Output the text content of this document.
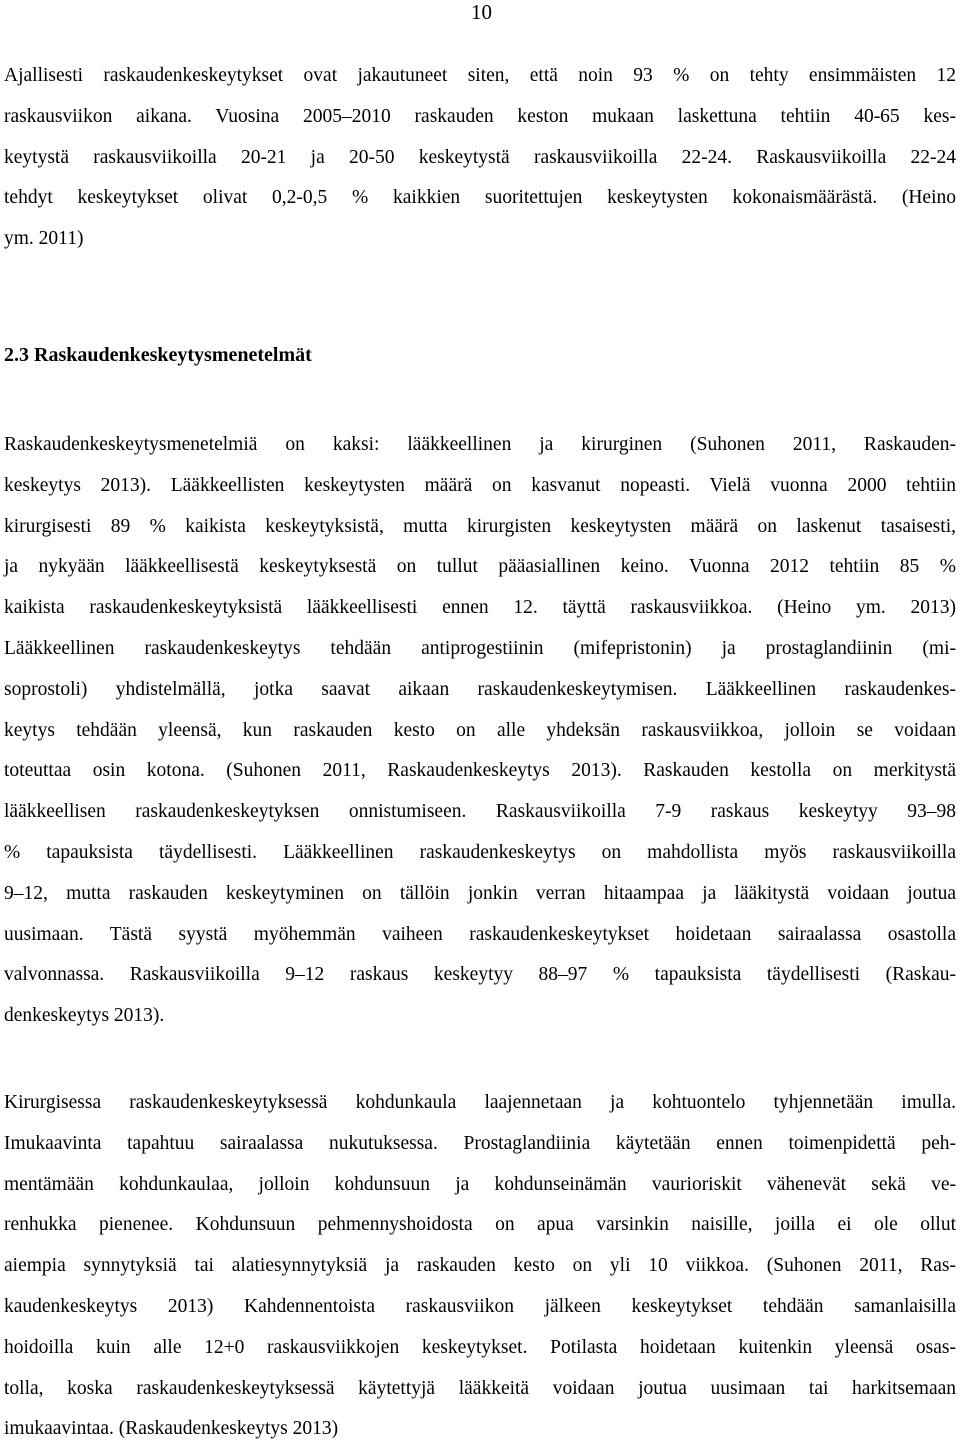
10
Ajallisesti raskaudenkeskeytykset ovat jakautuneet siten, että noin 93 % on tehty ensimmäisten 12
raskausviikon aikana. Vuosina 2005–2010 raskauden keston mukaan laskettuna tehtiin 40-65 kes-
keytystä raskausviikoilla 20-21 ja 20-50 keskeytystä raskausviikoilla 22-24. Raskausviikoilla 22-24
tehdyt keskeytykset olivat 0,2-0,5 % kaikkien suoritettujen keskeytysten kokonaismäärästä. (Heino
ym. 2011)
2.3 Raskaudenkeskeytysmenetelmät
Raskaudenkeskeytysmenetelmiä on kaksi: lääkkeellinen ja kirurginen (Suhonen 2011, Raskauden-
keskeytys 2013). Lääkkeellisten keskeytysten määrä on kasvanut nopeasti. Vielä vuonna 2000 tehtiin
kirurgisesti 89 % kaikista keskeytyksistä, mutta kirurgisten keskeytysten määrä on laskenut tasaisesti,
ja nykyään lääkkeellisestä keskeytyksestä on tullut pääasiallinen keino. Vuonna 2012 tehtiin 85 %
kaikista raskaudenkeskeytyksistä lääkkeellisesti ennen 12. täyttä raskausviikkoa. (Heino ym. 2013)
Lääkkeellinen raskaudenkeskeytys tehdään antiprogestiinin (mifepristonin) ja prostaglandiinin (mi-
soprostoli) yhdistelmällä, jotka saavat aikaan raskaudenkeskeytymisen. Lääkkeellinen raskaudenkes-
keytys tehdään yleensä, kun raskauden kesto on alle yhdeksän raskausviikkoa, jolloin se voidaan
toteuttaa osin kotona. (Suhonen 2011, Raskaudenkeskeytys 2013). Raskauden kestolla on merkitystä
lääkkeellisen raskaudenkeskeytyksen onnistumiseen. Raskausviikoilla 7-9 raskaus keskeytyy 93–98
% tapauksista täydellisesti. Lääkkeellinen raskaudenkeskeytys on mahdollista myös raskausviikoilla
9–12, mutta raskauden keskeytyminen on tällöin jonkin verran hitaampaa ja lääkitystä voidaan joutua
uusimaan. Tästä syystä myöhemmän vaiheen raskaudenkeskeytykset hoidetaan sairaalassa osastolla
valvonnassa. Raskausviikoilla 9–12 raskaus keskeytyy 88–97 % tapauksista täydellisesti (Raskau-
denkeskeytys 2013).
Kirurgisessa raskaudenkeskeytyksessä kohdunkaula laajennetaan ja kohtuontelo tyhjennetään imulla.
Imukaavinta tapahtuu sairaalassa nukutuksessa. Prostaglandiinia käytetään ennen toimenpidettä peh-
mentämään kohdunkaulaa, jolloin kohdunsuun ja kohdunseinämän vaurioriskit vähenevät sekä ve-
renhukka pienenee. Kohdunsuun pehmennyshoidosta on apua varsinkin naisille, joilla ei ole ollut
aiempia synnytyksiä tai alatiesynnytyksiä ja raskauden kesto on yli 10 viikkoa. (Suhonen 2011, Ras-
kaudenkeskeytys 2013) Kahdennentoista raskausviikon jälkeen keskeytykset tehdään samanlaisilla
hoidoilla kuin alle 12+0 raskausviikkojen keskeytykset. Potilasta hoidetaan kuitenkin yleensä osas-
tolla, koska raskaudenkeskeytyksessä käytettyjä lääkkeitä voidaan joutua uusimaan tai harkitsemaan
imukaavintaa. (Raskaudenkeskeytys 2013)
